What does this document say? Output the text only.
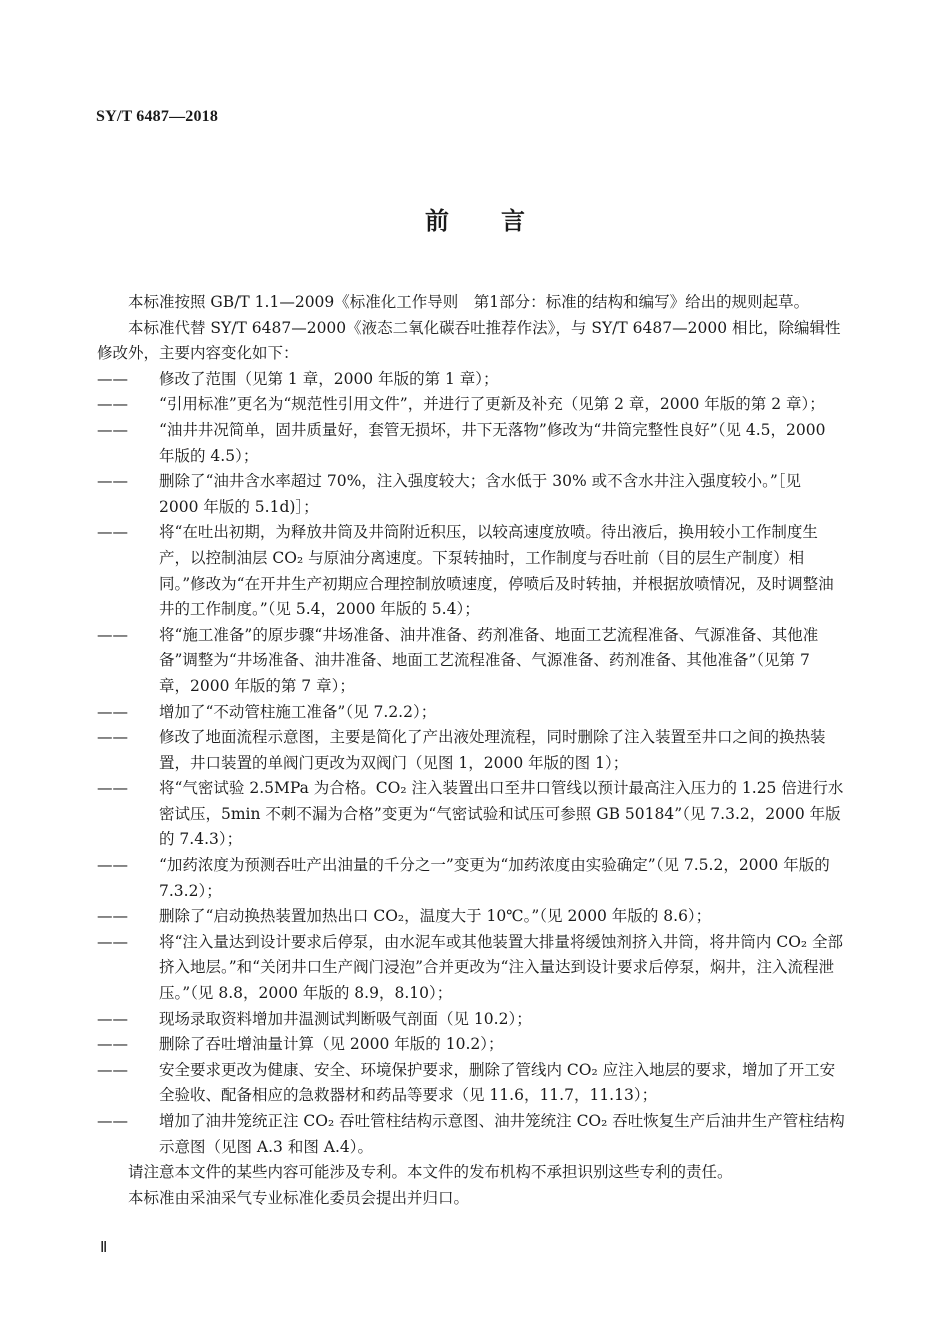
SY/T 6487—2018
前言

本标准按照 GB/T 1.1—2009《标准化工作导则　第1部分：标准的结构和编写》给出的规则起草。

本标准代替 SY/T 6487—2000《液态二氧化碳吞吐推荐作法》，与 SY/T 6487—2000 相比，除编辑性修改外，主要内容变化如下：

—— 修改了范围（见第 1 章，2000 年版的第 1 章）；

—— “引用标准”更名为“规范性引用文件”，并进行了更新及补充（见第 2 章，2000 年版的第 2 章）；

—— “油井井况简单，固井质量好，套管无损坏，井下无落物”修改为“井筒完整性良好”（见 4.5，2000 年版的 4.5）；

—— 删除了“油井含水率超过 70%，注入强度较大；含水低于 30% 或不含水井注入强度较小。”［见 2000 年版的 5.1d)］；

—— 将“在吐出初期，为释放井筒及井筒附近积压，以较高速度放喷。待出液后，换用较小工作制度生产，以控制油层 CO₂ 与原油分离速度。下泵转抽时，工作制度与吞吐前（目的层生产制度）相同。”修改为“在开井生产初期应合理控制放喷速度，停喷后及时转抽，并根据放喷情况，及时调整油井的工作制度。”（见 5.4，2000 年版的 5.4）；

—— 将“施工准备”的原步骤“井场准备、油井准备、药剂准备、地面工艺流程准备、气源准备、其他准备”调整为“井场准备、油井准备、地面工艺流程准备、气源准备、药剂准备、其他准备”（见第 7 章，2000 年版的第 7 章）；

—— 增加了“不动管柱施工准备”（见 7.2.2）；

—— 修改了地面流程示意图，主要是简化了产出液处理流程，同时删除了注入装置至井口之间的换热装置，井口装置的单阀门更改为双阀门（见图 1，2000 年版的图 1）；

—— 将“气密试验 2.5MPa 为合格。CO₂ 注入装置出口至井口管线以预计最高注入压力的 1.25 倍进行水密试压，5min 不刺不漏为合格”变更为“气密试验和试压可参照 GB 50184”（见 7.3.2，2000 年版的 7.4.3）；

—— “加药浓度为预测吞吐产出油量的千分之一”变更为“加药浓度由实验确定”（见 7.5.2，2000 年版的 7.3.2）；

—— 删除了“启动换热装置加热出口 CO₂，温度大于 10℃。”（见 2000 年版的 8.6）；

—— 将“注入量达到设计要求后停泵，由水泥车或其他装置大排量将缓蚀剂挤入井筒，将井筒内 CO₂ 全部挤入地层。”和“关闭井口生产阀门浸泡”合并更改为“注入量达到设计要求后停泵，焖井，注入流程泄压。”（见 8.8，2000 年版的 8.9，8.10）；

—— 现场录取资料增加井温测试判断吸气剖面（见 10.2）；

—— 删除了吞吐增油量计算（见 2000 年版的 10.2）；

—— 安全要求更改为健康、安全、环境保护要求，删除了管线内 CO₂ 应注入地层的要求，增加了开工安全验收、配备相应的急救器材和药品等要求（见 11.6，11.7，11.13）；

—— 增加了油井笼统正注 CO₂ 吞吐管柱结构示意图、油井笼统注 CO₂ 吞吐恢复生产后油井生产管柱结构示意图（见图 A.3 和图 A.4）。

请注意本文件的某些内容可能涉及专利。本文件的发布机构不承担识别这些专利的责任。

本标准由采油采气专业标准化委员会提出并归口。

Ⅱ
